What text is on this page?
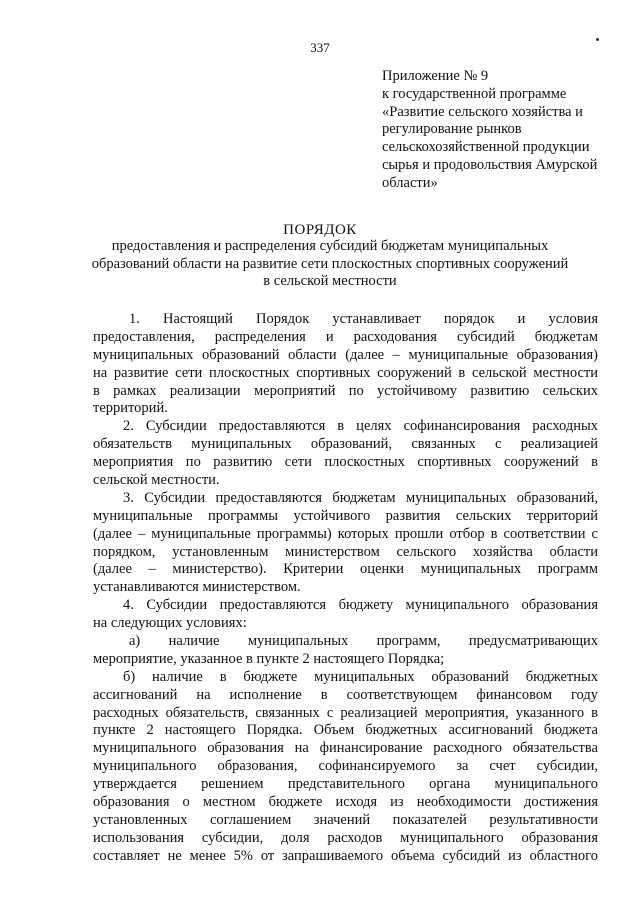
337
Приложение № 9
к государственной программе
«Развитие сельского хозяйства и
регулирование рынков
сельскохозяйственной продукции
сырья и продовольствия Амурской
области»
ПОРЯДОК
предоставления и распределения субсидий бюджетам муниципальных
образований области на развитие сети плоскостных спортивных сооружений
в сельской местности
1. Настоящий Порядок устанавливает порядок и условия
предоставления, распределения и расходования субсидий бюджетам
муниципальных образований области (далее – муниципальные образования)
на развитие сети плоскостных спортивных сооружений в сельской местности
в рамках реализации мероприятий по устойчивому развитию сельских
территорий.
2. Субсидии предоставляются в целях софинансирования расходных
обязательств муниципальных образований, связанных с реализацией
мероприятия по развитию сети плоскостных спортивных сооружений в
сельской местности.
3. Субсидии предоставляются бюджетам муниципальных образований,
муниципальные программы устойчивого развития сельских территорий
(далее – муниципальные программы) которых прошли отбор в соответствии с
порядком, установленным министерством сельского хозяйства области
(далее – министерство). Критерии оценки муниципальных программ
устанавливаются министерством.
4. Субсидии предоставляются бюджету муниципального образования
на следующих условиях:
а) наличие муниципальных программ, предусматривающих
мероприятие, указанное в пункте 2 настоящего Порядка;
б) наличие в бюджете муниципальных образований бюджетных
ассигнований на исполнение в соответствующем финансовом году
расходных обязательств, связанных с реализацией мероприятия, указанного в
пункте 2 настоящего Порядка. Объем бюджетных ассигнований бюджета
муниципального образования на финансирование расходного обязательства
муниципального образования, софинансируемого за счет субсидии,
утверждается решением представительного органа муниципального
образования о местном бюджете исходя из необходимости достижения
установленных соглашением значений показателей результативности
использования субсидии, доля расходов муниципального образования
составляет не менее 5% от запрашиваемого объема субсидий из областного
